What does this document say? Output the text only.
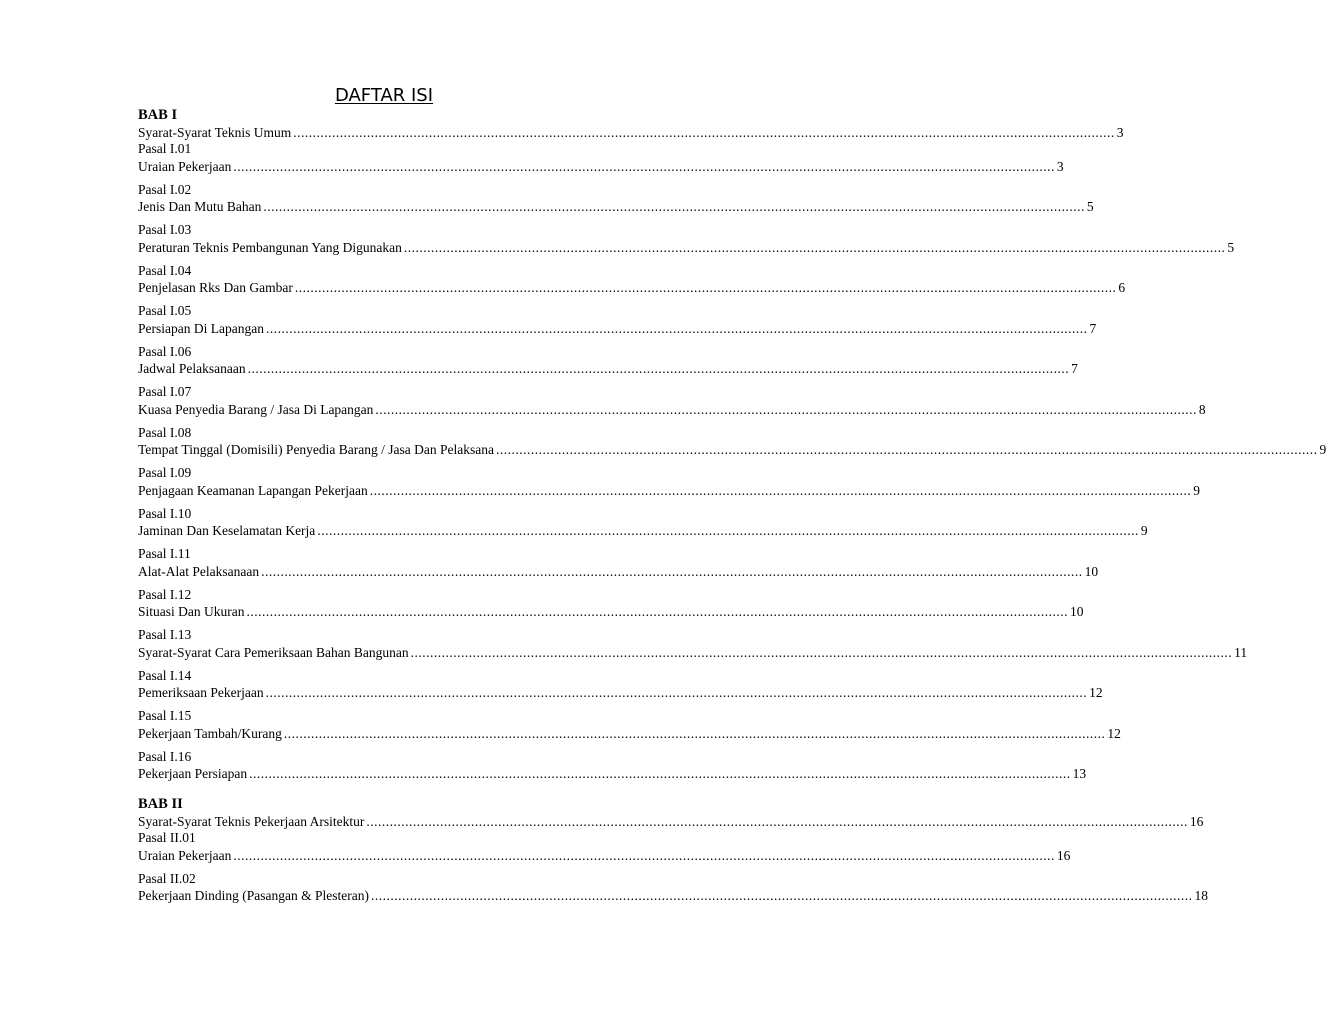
DAFTAR ISI
BAB I
Syarat-Syarat Teknis Umum .................................................................................................................................................................................................................... 3
Pasal I.01
Uraian Pekerjaan .................................................................................................................................................................................................................... 3
Pasal I.02
Jenis Dan Mutu Bahan .................................................................................................................................................................................................................... 5
Pasal I.03
Peraturan Teknis Pembangunan Yang Digunakan .................................................................................................................................................................................................................... 5
Pasal I.04
Penjelasan Rks Dan Gambar .................................................................................................................................................................................................................... 6
Pasal I.05
Persiapan Di Lapangan .................................................................................................................................................................................................................... 7
Pasal I.06
Jadwal Pelaksanaan .................................................................................................................................................................................................................... 7
Pasal I.07
Kuasa Penyedia Barang / Jasa Di Lapangan .................................................................................................................................................................................................................... 8
Pasal I.08
Tempat Tinggal (Domisili) Penyedia Barang / Jasa Dan Pelaksana .................................................................................................................................................................................................................... 9
Pasal I.09
Penjagaan Keamanan Lapangan Pekerjaan .................................................................................................................................................................................................................... 9
Pasal I.10
Jaminan Dan Keselamatan Kerja .................................................................................................................................................................................................................... 9
Pasal I.11
Alat-Alat Pelaksanaan .................................................................................................................................................................................................................... 10
Pasal I.12
Situasi Dan Ukuran .................................................................................................................................................................................................................... 10
Pasal I.13
Syarat-Syarat Cara Pemeriksaan Bahan Bangunan .................................................................................................................................................................................................................... 11
Pasal I.14
Pemeriksaan Pekerjaan .................................................................................................................................................................................................................... 12
Pasal I.15
Pekerjaan Tambah/Kurang .................................................................................................................................................................................................................... 12
Pasal I.16
Pekerjaan Persiapan .................................................................................................................................................................................................................... 13
BAB II
Syarat-Syarat Teknis Pekerjaan Arsitektur .................................................................................................................................................................................................................... 16
Pasal II.01
Uraian Pekerjaan .................................................................................................................................................................................................................... 16
Pasal II.02
Pekerjaan Dinding (Pasangan & Plesteran) .................................................................................................................................................................................................................... 18
